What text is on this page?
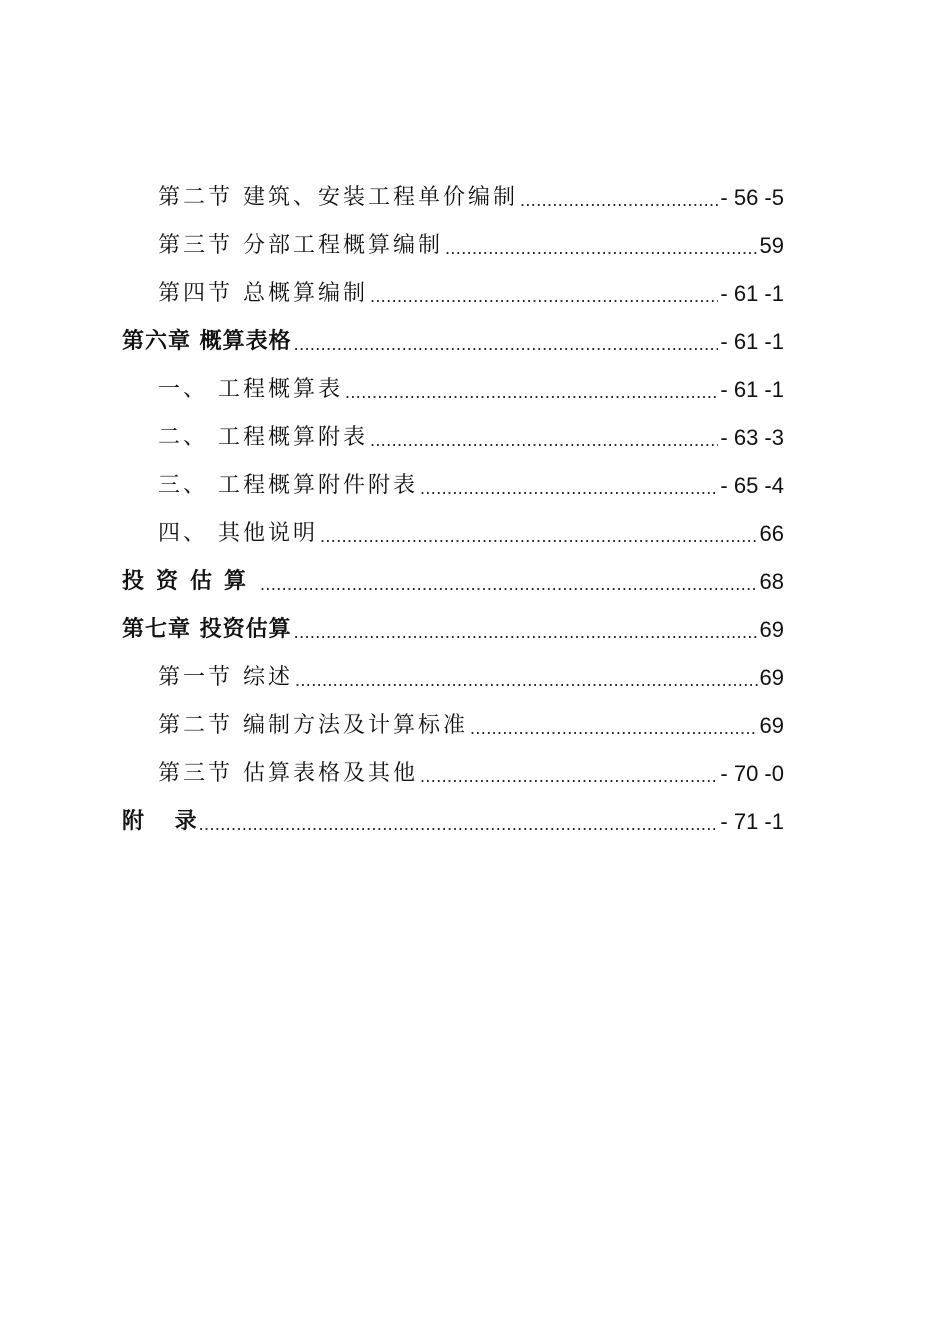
第二节 建筑、安装工程单价编制 .....	- 56 -5
第三节 分部工程概算编制 .....	59
第四节 总概算编制 .....	- 61 -1
第六章 概算表格 .....	- 61 -1
一、 工程概算表 .....	- 61 -1
二、 工程概算附表 .....	- 63 -3
三、 工程概算附件附表 .....	- 65 -4
四、 其他说明 .....	66
投资估算 .....	68
第七章 投资估算 .....	69
第一节 综述 .....	69
第二节 编制方法及计算标准 .....	69
第三节 估算表格及其他 .....	- 70 -0
附    录 .....	- 71 -1
